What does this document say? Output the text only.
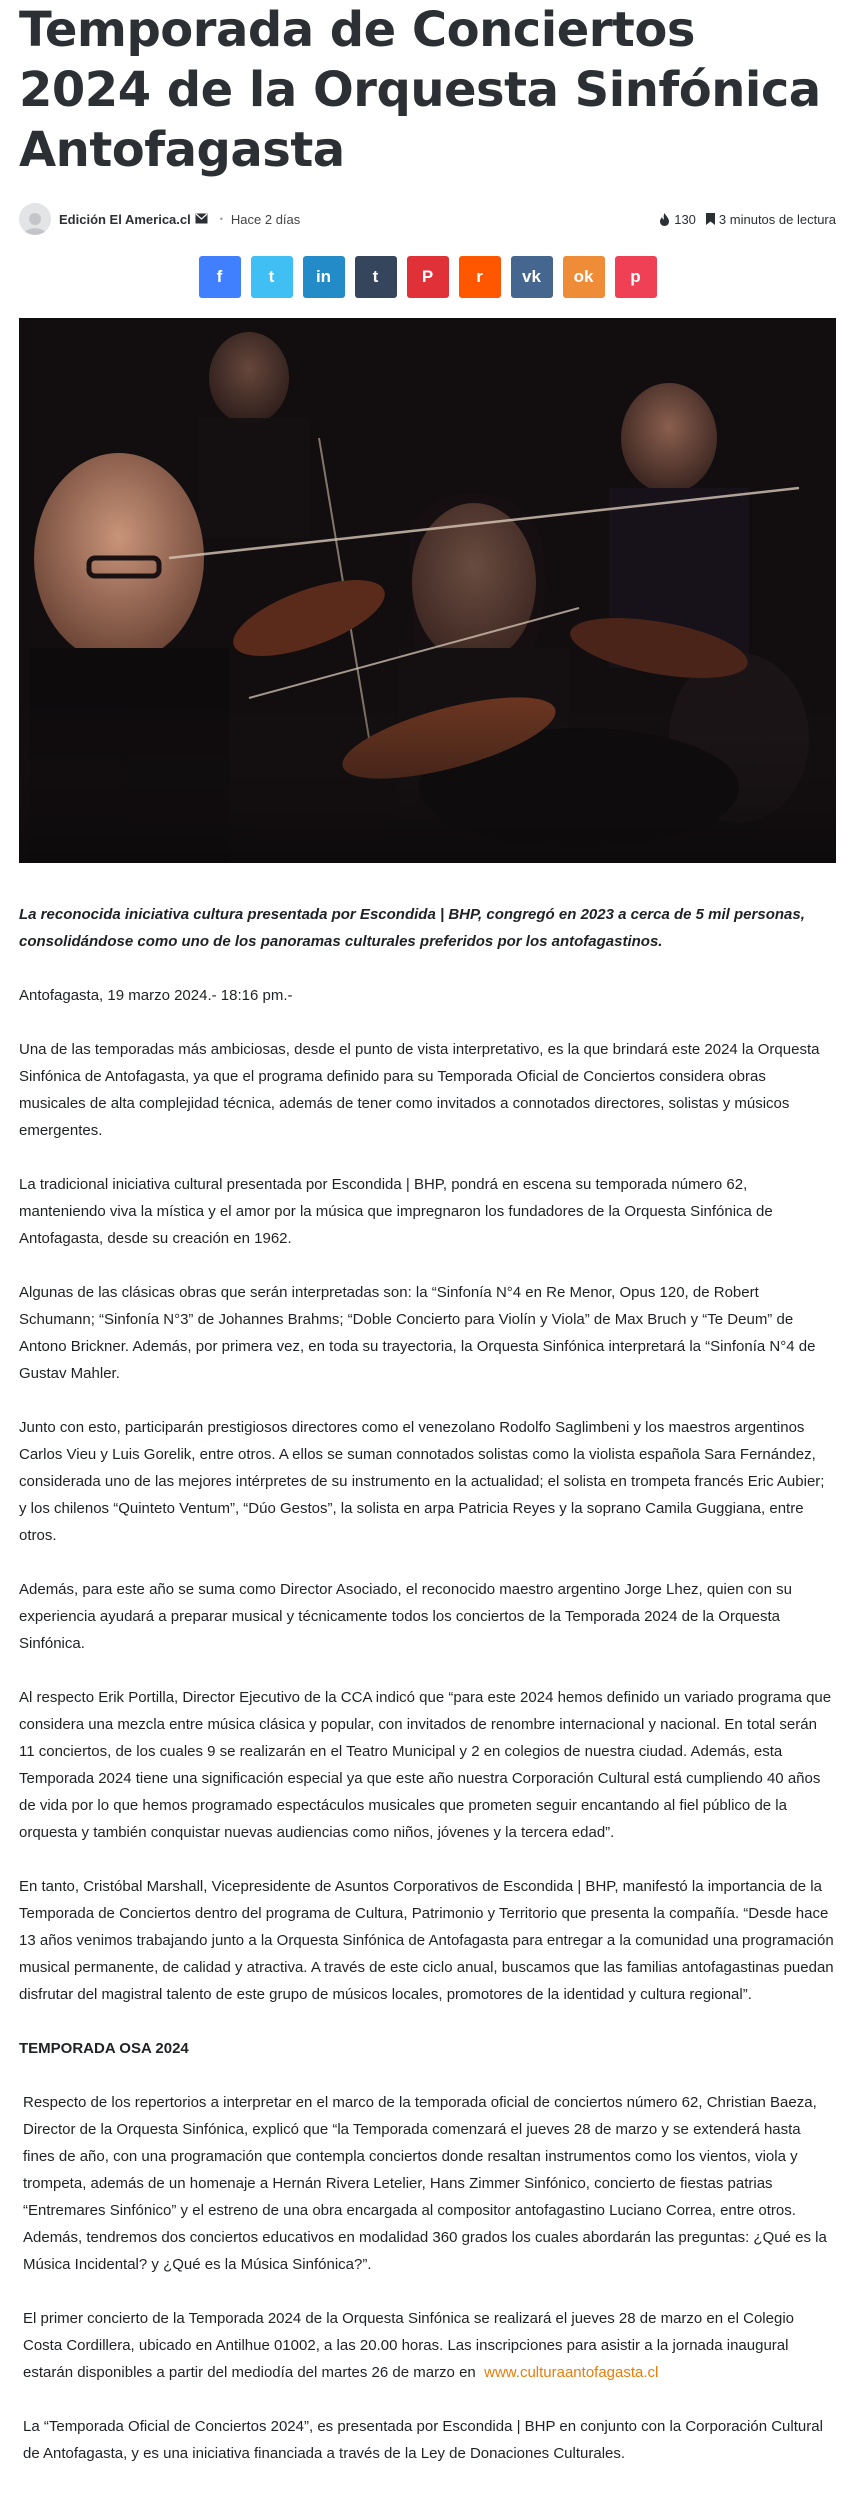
Temporada de Conciertos 2024 de la Orquesta Sinfónica Antofagasta
Edición El America.cl	• Hace 2 días	130 3 minutos de lectura
f	t in t	P	r vk ok p

La reconocida iniciativa cultura presentada por Escondida | BHP, congregó en 2023 a cerca de 5 mil personas, consolidándose como uno de los panoramas culturales preferidos por los antofagastinos.

Antofagasta, 19 marzo 2024.- 18:16 pm.-

Una de las temporadas más ambiciosas, desde el punto de vista interpretativo, es la que brindará este 2024 la Orquesta Sinfónica de Antofagasta, ya que el programa definido para su Temporada Oficial de Conciertos considera obras musicales de alta complejidad técnica, además de tener como invitados a connotados directores, solistas y músicos emergentes.

La tradicional iniciativa cultural presentada por Escondida | BHP, pondrá en escena su temporada número 62, manteniendo viva la mística y el amor por la música que impregnaron los fundadores de la Orquesta Sinfónica de Antofagasta, desde su creación en 1962.

Algunas de las clásicas obras que serán interpretadas son: la “Sinfonía N°4 en Re Menor, Opus 120, de Robert Schumann; “Sinfonía N°3” de Johannes Brahms; “Doble Concierto para Violín y Viola” de Max Bruch y “Te Deum” de Antono Brickner. Además, por primera vez, en toda su trayectoria, la Orquesta Sinfónica interpretará la “Sinfonía N°4 de Gustav Mahler.

Junto con esto, participarán prestigiosos directores como el venezolano Rodolfo Saglimbeni y los maestros argentinos Carlos Vieu y Luis Gorelik, entre otros. A ellos se suman connotados solistas como la violista española Sara Fernández, considerada uno de las mejores intérpretes de su instrumento en la actualidad; el solista en trompeta francés Eric Aubier; y los chilenos “Quinteto Ventum”, “Dúo Gestos”, la solista en arpa Patricia Reyes y la soprano Camila Guggiana, entre otros.

Además, para este año se suma como Director Asociado, el reconocido maestro argentino Jorge Lhez, quien con su experiencia ayudará a preparar musical y técnicamente todos los conciertos de la Temporada 2024 de la Orquesta Sinfónica.

Al respecto Erik Portilla, Director Ejecutivo de la CCA indicó que “para este 2024 hemos definido un variado programa que considera una mezcla entre música clásica y popular, con invitados de renombre internacional y nacional. En total serán 11 conciertos, de los cuales 9 se realizarán en el Teatro Municipal y 2 en colegios de nuestra ciudad. Además, esta Temporada 2024 tiene una significación especial ya que este año nuestra Corporación Cultural está cumpliendo 40 años de vida por lo que hemos programado espectáculos musicales que prometen seguir encantando al fiel público de la orquesta y también conquistar nuevas audiencias como niños, jóvenes y la tercera edad”.

En tanto, Cristóbal Marshall, Vicepresidente de Asuntos Corporativos de Escondida | BHP, manifestó la importancia de la Temporada de Conciertos dentro del programa de Cultura, Patrimonio y Territorio que presenta la compañía. “Desde hace 13 años venimos trabajando junto a la Orquesta Sinfónica de Antofagasta para entregar a la comunidad una programación musical permanente, de calidad y atractiva. A través de este ciclo anual, buscamos que las familias antofagastinas puedan disfrutar del magistral talento de este grupo de músicos locales, promotores de la identidad y cultura regional”.

TEMPORADA OSA 2024

Respecto de los repertorios a interpretar en el marco de la temporada oficial de conciertos número 62, Christian Baeza, Director de la Orquesta Sinfónica, explicó que “la Temporada comenzará el jueves 28 de marzo y se extenderá hasta fines de año, con una programación que contempla conciertos donde resaltan instrumentos como los vientos, viola y trompeta, además de un homenaje a Hernán Rivera Letelier, Hans Zimmer Sinfónico, concierto de fiestas patrias “Entremares Sinfónico” y el estreno de una obra encargada al compositor antofagastino Luciano Correa, entre otros. Además, tendremos dos conciertos educativos en modalidad 360 grados los cuales abordarán las preguntas: ¿Qué es la Música Incidental? y ¿Qué es la Música Sinfónica?”.

El primer concierto de la Temporada 2024 de la Orquesta Sinfónica se realizará el jueves 28 de marzo en el Colegio Costa Cordillera, ubicado en Antilhue 01002, a las 20.00 horas. Las inscripciones para asistir a la jornada inaugural estarán disponibles a partir del mediodía del martes 26 de marzo en www.culturaantofagasta.cl

La “Temporada Oficial de Conciertos 2024”, es presentada por Escondida | BHP en conjunto con la Corporación Cultural de Antofagasta, y es una iniciativa financiada a través de la Ley de Donaciones Culturales.
